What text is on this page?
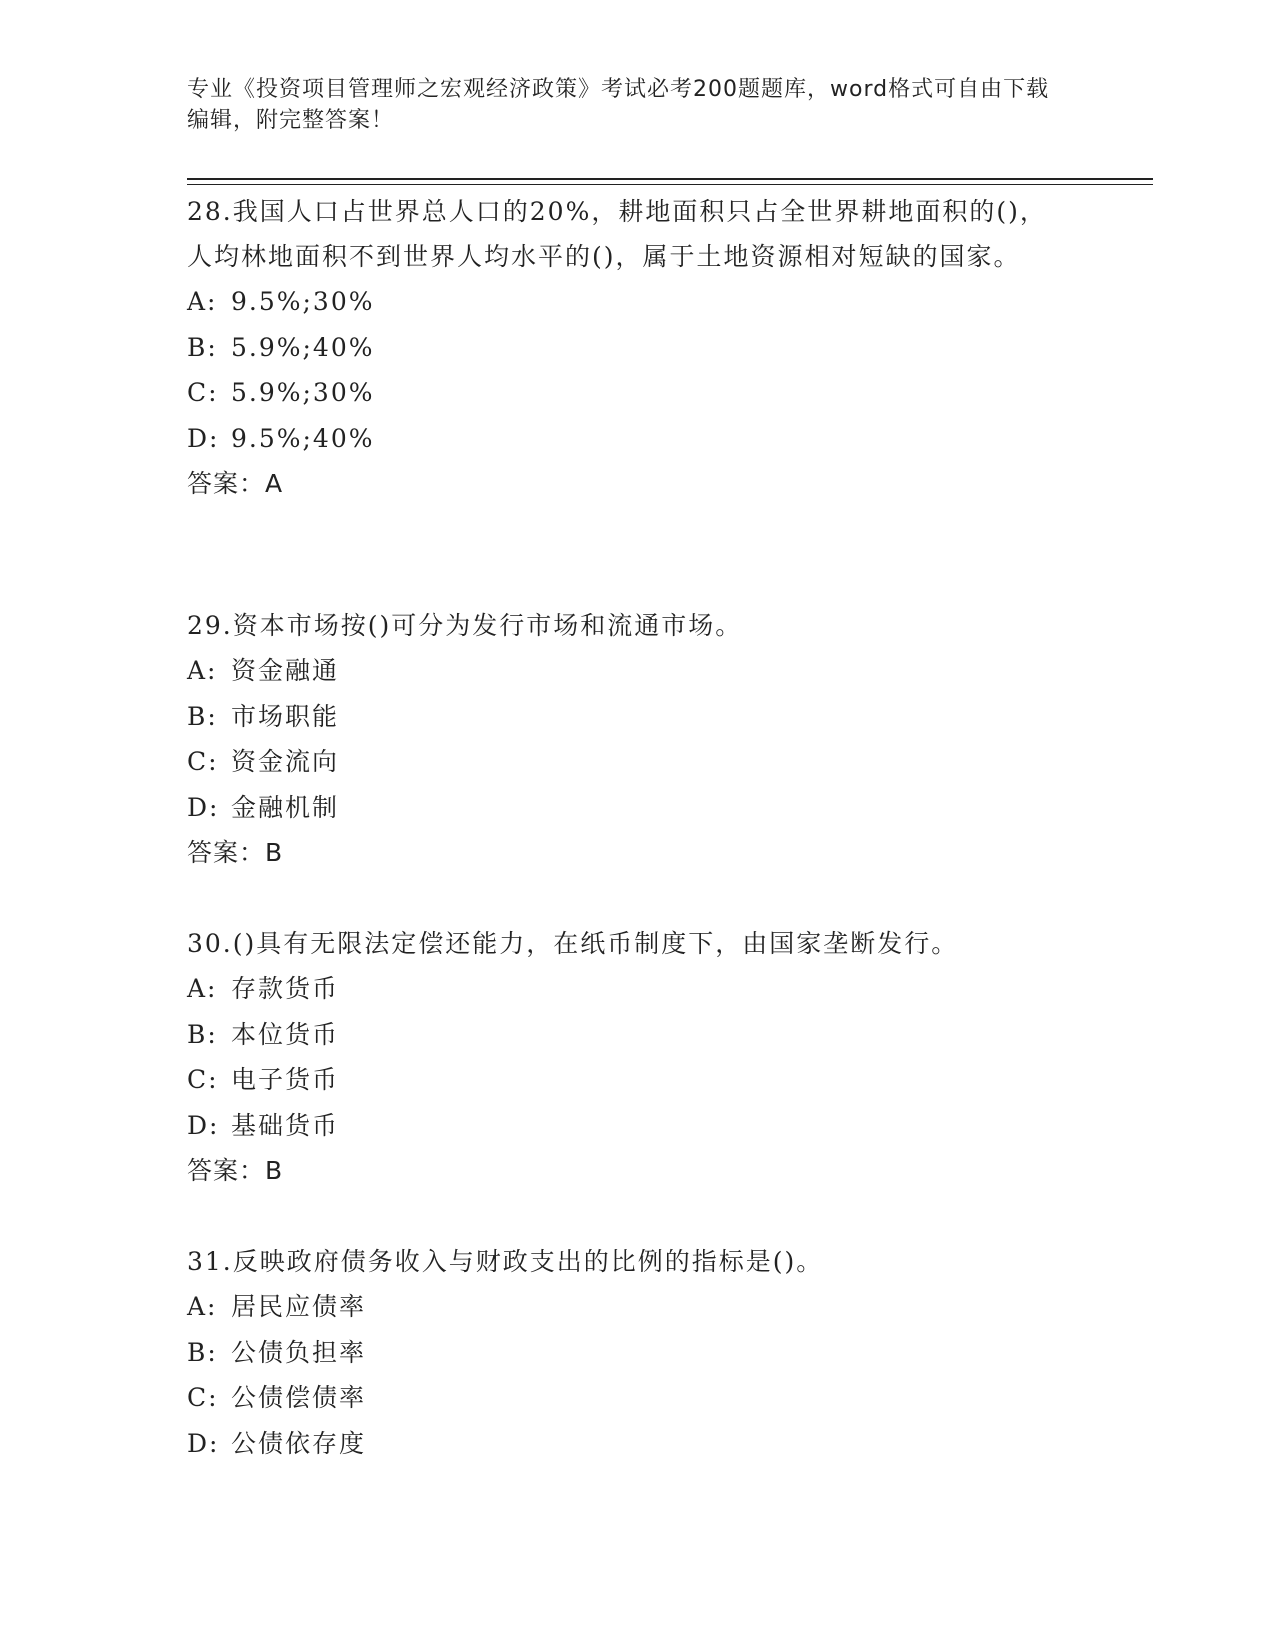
专业《投资项目管理师之宏观经济政策》考试必考200题题库，word格式可自由下载编辑，附完整答案！

28.我国人口占世界总人口的20%，耕地面积只占全世界耕地面积的()，人均林地面积不到世界人均水平的()，属于土地资源相对短缺的国家。

A: 9.5%;30%
B: 5.9%;40%
C: 5.9%;30%
D: 9.5%;40%

答案：A

29.资本市场按()可分为发行市场和流通市场。

A: 资金融通
B: 市场职能
C: 资金流向
D: 金融机制

答案：B

30.()具有无限法定偿还能力，在纸币制度下，由国家垄断发行。

A: 存款货币
B: 本位货币
C: 电子货币
D: 基础货币

答案：B

31.反映政府债务收入与财政支出的比例的指标是()。

A: 居民应债率
B: 公债负担率
C: 公债偿债率
D: 公债依存度
